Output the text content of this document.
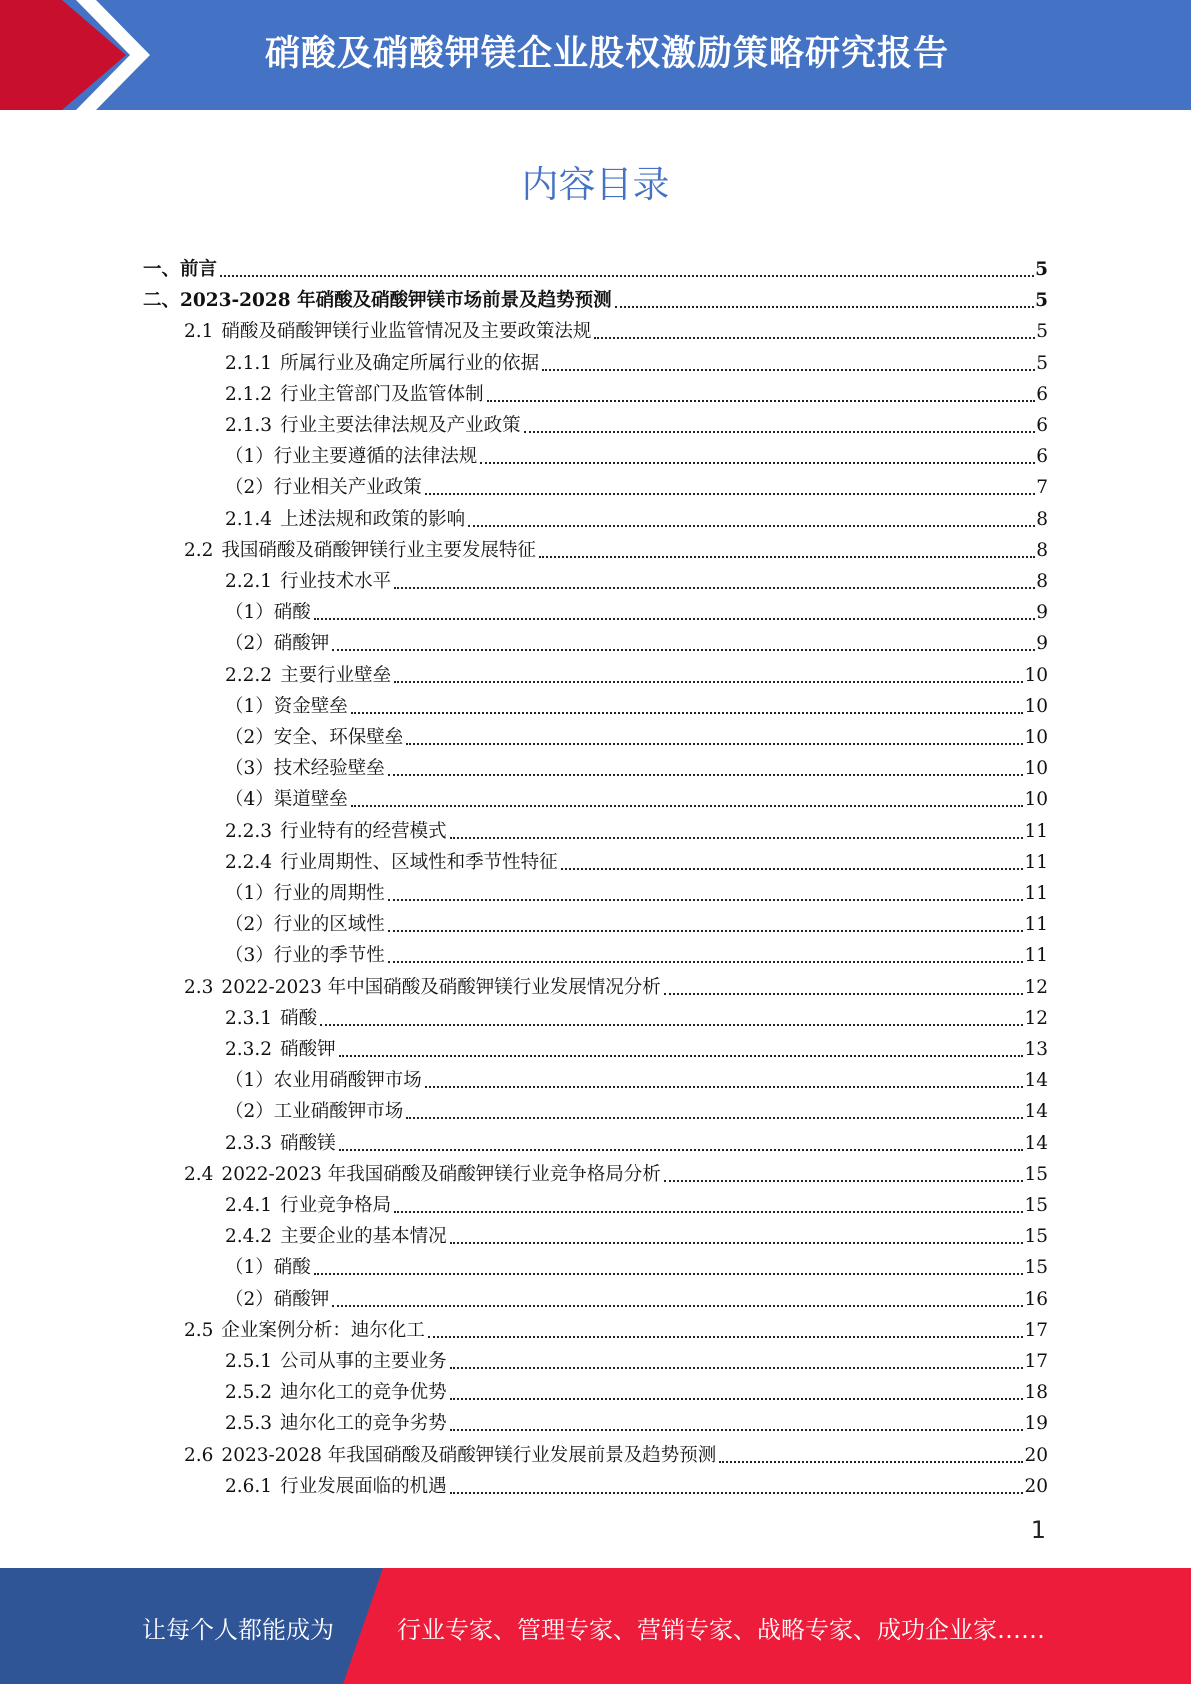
硝酸及硝酸钾镁企业股权激励策略研究报告
内容目录
一、 前言	5
二、 2023-2028 年硝酸及硝酸钾镁市场前景及趋势预测	5
2.1 硝酸及硝酸钾镁行业监管情况及主要政策法规	5
2.1.1 所属行业及确定所属行业的依据	5
2.1.2 行业主管部门及监管体制	6
2.1.3 行业主要法律法规及产业政策	6
（1） 行业主要遵循的法律法规	6
（2） 行业相关产业政策	7
2.1.4 上述法规和政策的影响	8
2.2 我国硝酸及硝酸钾镁行业主要发展特征	8
2.2.1 行业技术水平	8
（1） 硝酸	9
（2） 硝酸钾	9
2.2.2 主要行业壁垒	10
（1） 资金壁垒	10
（2） 安全、环保壁垒	10
（3） 技术经验壁垒	10
（4） 渠道壁垒	10
2.2.3 行业特有的经营模式	11
2.2.4 行业周期性、区域性和季节性特征	11
（1） 行业的周期性	11
（2） 行业的区域性	11
（3） 行业的季节性	11
2.3 2022-2023 年中国硝酸及硝酸钾镁行业发展情况分析	12
2.3.1 硝酸	12
2.3.2 硝酸钾	13
（1） 农业用硝酸钾市场	14
（2） 工业硝酸钾市场	14
2.3.3 硝酸镁	14
2.4 2022-2023 年我国硝酸及硝酸钾镁行业竞争格局分析	15
2.4.1 行业竞争格局	15
2.4.2 主要企业的基本情况	15
（1） 硝酸	15
（2） 硝酸钾	16
2.5 企业案例分析：迪尔化工	17
2.5.1 公司从事的主要业务	17
2.5.2 迪尔化工的竞争优势	18
2.5.3 迪尔化工的竞争劣势	19
2.6 2023-2028 年我国硝酸及硝酸钾镁行业发展前景及趋势预测	20
2.6.1 行业发展面临的机遇	20
1
让每个人都能成为	行业专家、管理专家、营销专家、战略专家、成功企业家……
